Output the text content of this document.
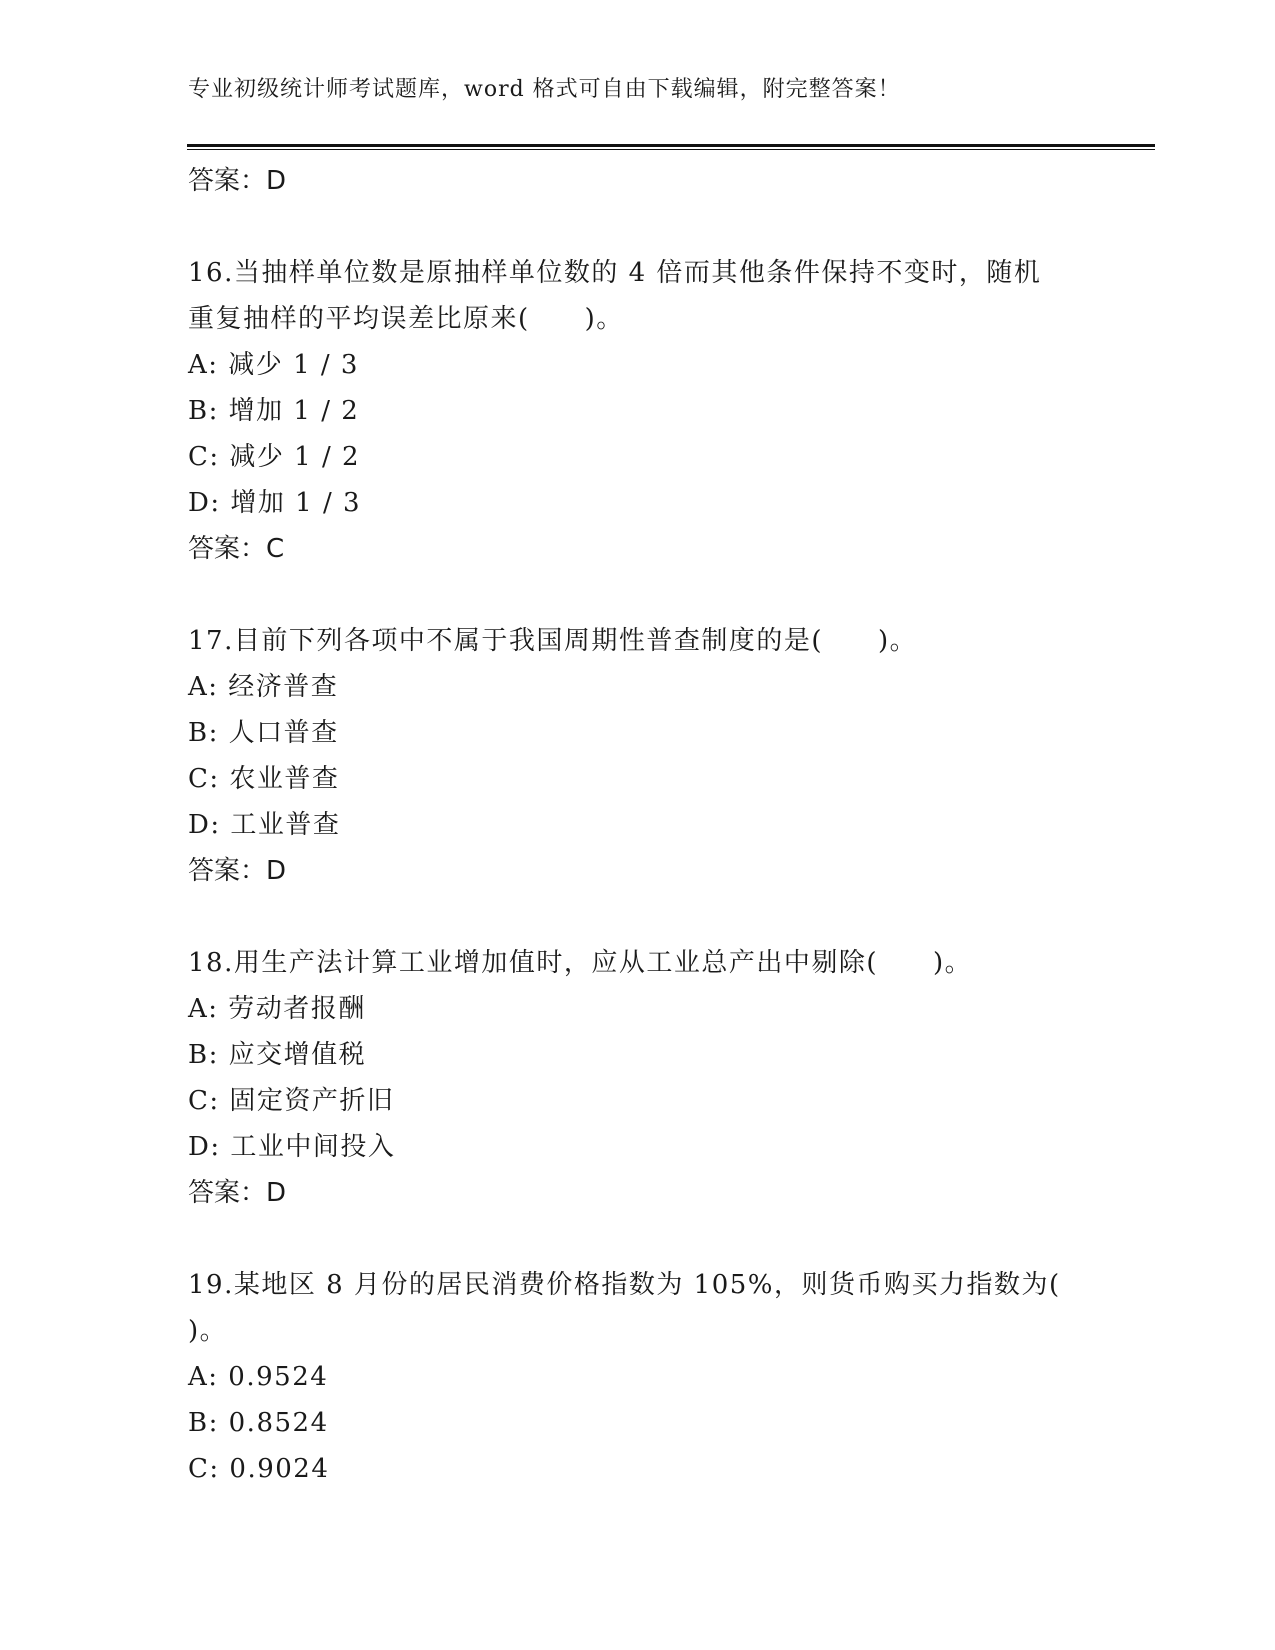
专业初级统计师考试题库，word 格式可自由下载编辑，附完整答案！
答案：D
16.当抽样单位数是原抽样单位数的 4 倍而其他条件保持不变时，随机
重复抽样的平均误差比原来(　　)。
A: 减少 1 / 3
B: 增加 1 / 2
C: 减少 1 / 2
D: 增加 1 / 3
答案：C
17.目前下列各项中不属于我国周期性普查制度的是(　　)。
A: 经济普查
B: 人口普查
C: 农业普查
D: 工业普查
答案：D
18.用生产法计算工业增加值时，应从工业总产出中剔除(　　)。
A: 劳动者报酬
B: 应交增值税
C: 固定资产折旧
D: 工业中间投入
答案：D
19.某地区 8 月份的居民消费价格指数为 105%，则货币购买力指数为(
)。
A: 0.9524
B: 0.8524
C: 0.9024
